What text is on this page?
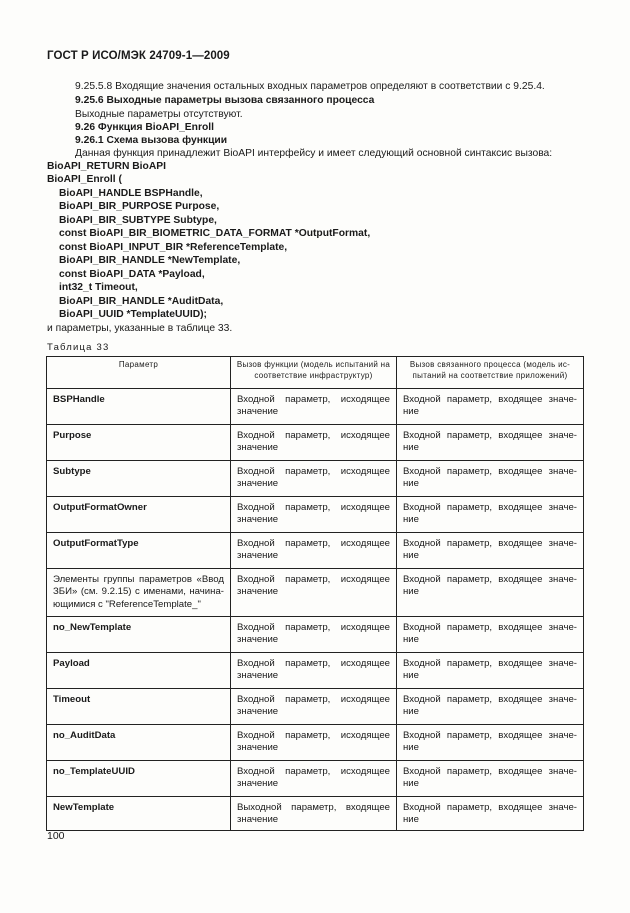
ГОСТ Р ИСО/МЭК 24709-1—2009
9.25.5.8 Входящие значения остальных входных параметров определяют в соответствии с 9.25.4.
9.25.6 Выходные параметры вызова связанного процесса
Выходные параметры отсутствуют.
9.26 Функция BioAPI_Enroll
9.26.1 Схема вызова функции
Данная функция принадлежит BioAPI интерфейсу и имеет следующий основной синтаксис вызова:
BioAPI_RETURN BioAPI
BioAPI_Enroll (
BioAPI_HANDLE BSPHandle,
BioAPI_BIR_PURPOSE Purpose,
BioAPI_BIR_SUBTYPE Subtype,
const BioAPI_BIR_BIOMETRIC_DATA_FORMAT *OutputFormat,
const BioAPI_INPUT_BIR *ReferenceTemplate,
BioAPI_BIR_HANDLE *NewTemplate,
const BioAPI_DATA *Payload,
int32_t Timeout,
BioAPI_BIR_HANDLE *AuditData,
BioAPI_UUID *TemplateUUID);
и параметры, указанные в таблице 33.
Таблица 33
Параметр	Вызов функции (модель испытаний на соответствие инфраструктур)	Вызов связанного процесса (модель ис-пытаний на соответствие приложений)
BSPHandle	Входной параметр, исходящее значение	Входной параметр, входящее значе-ние
Purpose	Входной параметр, исходящее значение	Входной параметр, входящее значе-ние
Subtype	Входной параметр, исходящее значение	Входной параметр, входящее значе-ние
OutputFormatOwner	Входной параметр, исходящее значение	Входной параметр, входящее значе-ние
OutputFormatType	Входной параметр, исходящее значение	Входной параметр, входящее значе-ние
Элементы группы параметров «Ввод ЗБИ» (см. 9.2.15) с именами, начина-ющимися с "ReferenceTemplate_"	Входной параметр, исходящее значение	Входной параметр, входящее значе-ние
no_NewTemplate	Входной параметр, исходящее значение	Входной параметр, входящее значе-ние
Payload	Входной параметр, исходящее значение	Входной параметр, входящее значе-ние
Timeout	Входной параметр, исходящее значение	Входной параметр, входящее значе-ние
no_AuditData	Входной параметр, исходящее значение	Входной параметр, входящее значе-ние
no_TemplateUUID	Входной параметр, исходящее значение	Входной параметр, входящее значе-ние
NewTemplate	Выходной параметр, входящее значение	Входной параметр, входящее значе-ние
100
